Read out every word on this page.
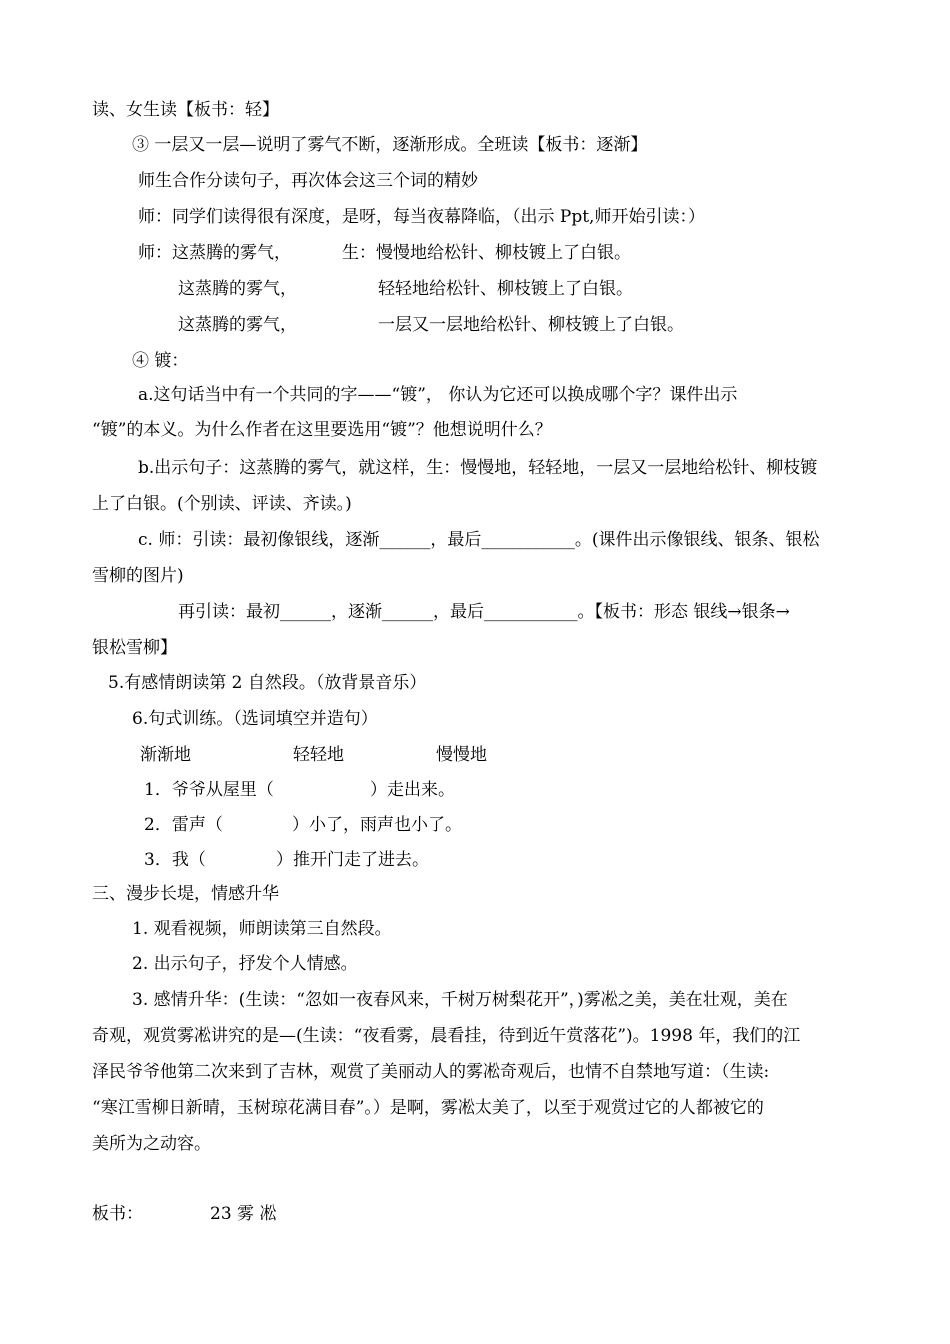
读、女生读【板书：轻】
③ 一层又一层—说明了雾气不断，逐渐形成。全班读【板书：逐渐】
师生合作分读句子，再次体会这三个词的精妙
师：同学们读得很有深度，是呀，每当夜幕降临，（出示 Ppt,师开始引读：）
师：这蒸腾的雾气，	生：慢慢地给松针、柳枝镀上了白银。
这蒸腾的雾气，	轻轻地给松针、柳枝镀上了白银。
这蒸腾的雾气，	一层又一层地给松针、柳枝镀上了白银。
④ 镀：
a.这句话当中有一个共同的字——“镀”， 你认为它还可以换成哪个字？课件出示
“镀”的本义。为什么作者在这里要选用“镀”？他想说明什么？
b.出示句子：这蒸腾的雾气，就这样，生：慢慢地，轻轻地，一层又一层地给松针、柳枝镀
上了白银。(个别读、评读、齐读。)
c. 师：引读：最初像银线，逐渐______，最后___________。(课件出示像银线、银条、银松
雪柳的图片)
再引读：最初______，逐渐______，最后___________。【板书：形态 银线→银条→
银松雪柳】
5.有感情朗读第 2 自然段。（放背景音乐）
6.句式训练。（选词填空并造句）
渐渐地	轻轻地	慢慢地
1．爷爷从屋里（	）走出来。
2．雷声（	）小了，雨声也小了。
3．我（	）推开门走了进去。
三、漫步长堤，情感升华
1. 观看视频，师朗读第三自然段。
2. 出示句子，抒发个人情感。
3. 感情升华：(生读：“忽如一夜春风来，千树万树梨花开”，)雾凇之美，美在壮观，美在
奇观，观赏雾凇讲究的是—(生读：“夜看雾，晨看挂，待到近午赏落花”)。1998 年，我们的江
泽民爷爷他第二次来到了吉林，观赏了美丽动人的雾凇奇观后，也情不自禁地写道：（生读:
“寒江雪柳日新晴，玉树琼花满目春”。）是啊，雾凇太美了，以至于观赏过它的人都被它的
美所为之动容。
板书：	23 雾 凇
